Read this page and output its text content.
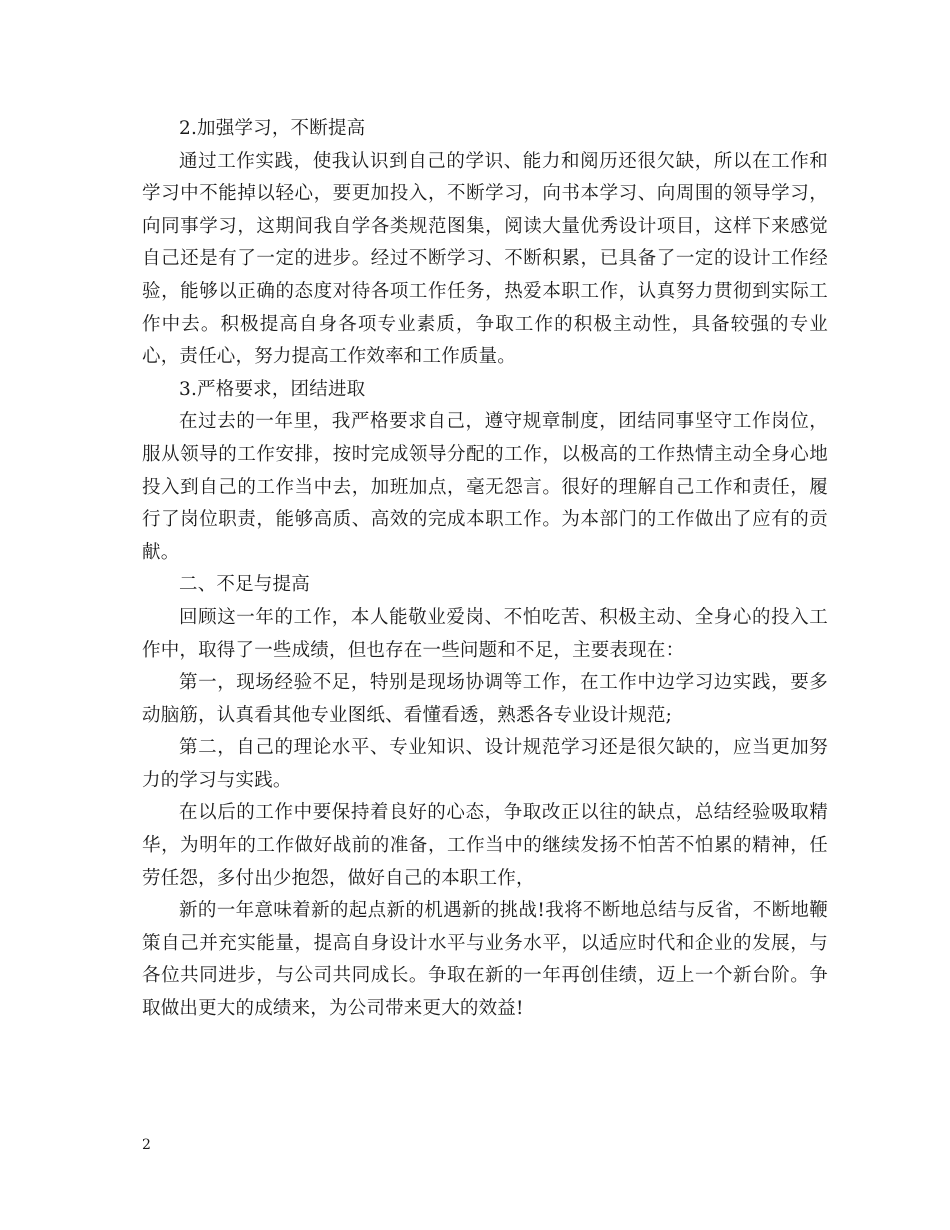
2.加强学习，不断提高

通过工作实践，使我认识到自己的学识、能力和阅历还很欠缺，所以在工作和学习中不能掉以轻心，要更加投入，不断学习，向书本学习、向周围的领导学习，向同事学习，这期间我自学各类规范图集，阅读大量优秀设计项目，这样下来感觉自己还是有了一定的进步。经过不断学习、不断积累，已具备了一定的设计工作经验，能够以正确的态度对待各项工作任务，热爱本职工作，认真努力贯彻到实际工作中去。积极提高自身各项专业素质，争取工作的积极主动性，具备较强的专业心，责任心，努力提高工作效率和工作质量。

3.严格要求，团结进取

在过去的一年里，我严格要求自己，遵守规章制度，团结同事坚守工作岗位，服从领导的工作安排，按时完成领导分配的工作，以极高的工作热情主动全身心地投入到自己的工作当中去，加班加点，毫无怨言。很好的理解自己工作和责任，履行了岗位职责，能够高质、高效的完成本职工作。为本部门的工作做出了应有的贡献。

二、不足与提高

回顾这一年的工作，本人能敬业爱岗、不怕吃苦、积极主动、全身心的投入工作中，取得了一些成绩，但也存在一些问题和不足，主要表现在：

第一，现场经验不足，特别是现场协调等工作，在工作中边学习边实践，要多动脑筋，认真看其他专业图纸、看懂看透，熟悉各专业设计规范;

第二，自己的理论水平、专业知识、设计规范学习还是很欠缺的，应当更加努力的学习与实践。

在以后的工作中要保持着良好的心态，争取改正以往的缺点，总结经验吸取精华，为明年的工作做好战前的准备，工作当中的继续发扬不怕苦不怕累的精神，任劳任怨，多付出少抱怨，做好自己的本职工作，

新的一年意味着新的起点新的机遇新的挑战!我将不断地总结与反省，不断地鞭策自己并充实能量，提高自身设计水平与业务水平，以适应时代和企业的发展，与各位共同进步，与公司共同成长。争取在新的一年再创佳绩，迈上一个新台阶。争取做出更大的成绩来，为公司带来更大的效益!

2
